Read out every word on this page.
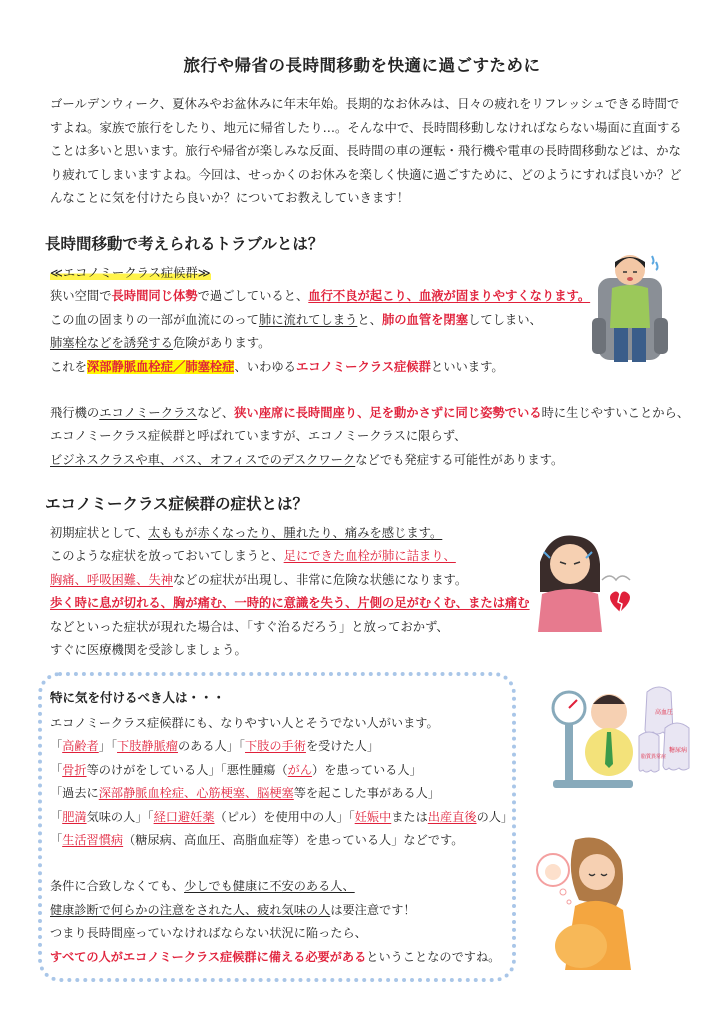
旅行や帰省の長時間移動を快適に過ごすために
ゴールデンウィーク、夏休みやお盆休みに年末年始。長期的なお休みは、日々の疲れをリフレッシュできる時間ですよね。家族で旅行をしたり、地元に帰省したり…。そんな中で、長時間移動しなければならない場面に直面することは多いと思います。旅行や帰省が楽しみな反面、長時間の車の運転・飛行機や電車の長時間移動などは、かなり疲れてしまいますよね。今回は、せっかくのお休みを楽しく快適に過ごすために、どのようにすれば良いか？どんなことに気を付けたら良いか？についてお教えしていきます！
長時間移動で考えられるトラブルとは？
≪エコノミークラス症候群≫
狭い空間で長時間同じ体勢で過ごしていると、血行不良が起こり、血液が固まりやすくなります。
この血の固まりの一部が血流にのって肺に流れてしまうと、肺の血管を閉塞してしまい、
肺塞栓などを誘発する危険があります。
これを深部静脈血栓症／肺塞栓症、いわゆるエコノミークラス症候群といいます。
飛行機のエコノミークラスなど、狭い座席に長時間座り、足を動かさずに同じ姿勢でいる時に生じやすいことから、
エコノミークラス症候群と呼ばれていますが、エコノミークラスに限らず、
ビジネスクラスや車、バス、オフィスでのデスクワークなどでも発症する可能性があります。
エコノミークラス症候群の症状とは？
初期症状として、太ももが赤くなったり、腫れたり、痛みを感じます。
このような症状を放っておいてしまうと、足にできた血栓が肺に詰まり、
胸痛、呼吸困難、失神などの症状が出現し、非常に危険な状態になります。
歩く時に息が切れる、胸が痛む、一時的に意識を失う、片側の足がむくむ、または痛む
などといった症状が現れた場合は、「すぐ治るだろう」と放っておかず、
すぐに医療機関を受診しましょう。
特に気を付けるべき人は・・・
エコノミークラス症候群にも、なりやすい人とそうでない人がいます。
「高齢者」「下肢静脈瘤のある人」「下肢の手術を受けた人」
「骨折等のけがをしている人」「悪性腫瘍（がん）を患っている人」
「過去に深部静脈血栓症、心筋梗塞、脳梗塞等を起こした事がある人」
「肥満気味の人」「経口避妊薬（ピル）を使用中の人」「妊娠中または出産直後の人」
「生活習慣病（糖尿病、高血圧、高脂血症等）を患っている人」などです。
条件に合致しなくても、少しでも健康に不安のある人、
健康診断で何らかの注意をされた人、疲れ気味の人は要注意です！
つまり長時間座っていなければならない状況に陥ったら、
すべての人がエコノミークラス症候群に備える必要があるということなのですね。
高血圧
糖尿病
脂質異常症
